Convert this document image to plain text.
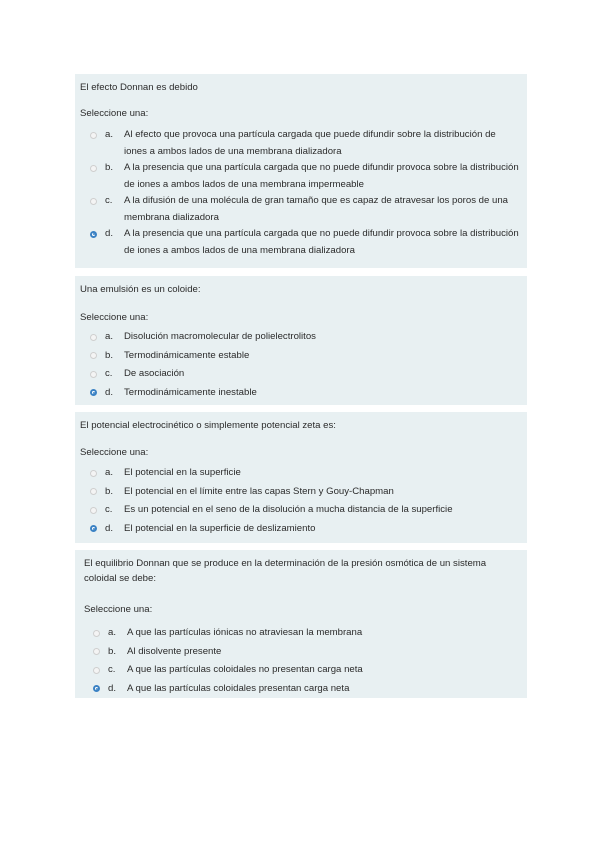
El efecto Donnan es debido
Seleccione una:
a.	Al efecto que provoca una partícula cargada que puede difundir sobre la distribución de iones a ambos lados de una membrana dializadora
b.	A la presencia que una partícula cargada que no puede difundir provoca sobre la distribución de iones a ambos lados de una membrana impermeable
c.	A la difusión de una molécula de gran tamaño que es capaz de atravesar los poros de una membrana dializadora
d.	A la presencia que una partícula cargada que no puede difundir provoca sobre la distribución de iones a ambos lados de una membrana dializadora
Una emulsión es un coloide:
Seleccione una:
a.	Disolución macromolecular de polielectrolitos
b.	Termodinámicamente estable
c.	De asociación
d.	Termodinámicamente inestable
El potencial electrocinético o simplemente potencial zeta es:
Seleccione una:
a.	El potencial en la superficie
b.	El potencial en el límite entre las capas Stern y Gouy-Chapman
c.	Es un potencial en el seno de la disolución a mucha distancia de la superficie
d.	El potencial en la superficie de deslizamiento
El equilibrio Donnan que se produce en la determinación de la presión osmótica de un sistema coloidal se debe:
Seleccione una:
a.	A que las partículas iónicas no atraviesan la membrana
b.	Al disolvente presente
c.	A que las partículas coloidales no presentan carga neta
d.	A que las partículas coloidales presentan carga neta
